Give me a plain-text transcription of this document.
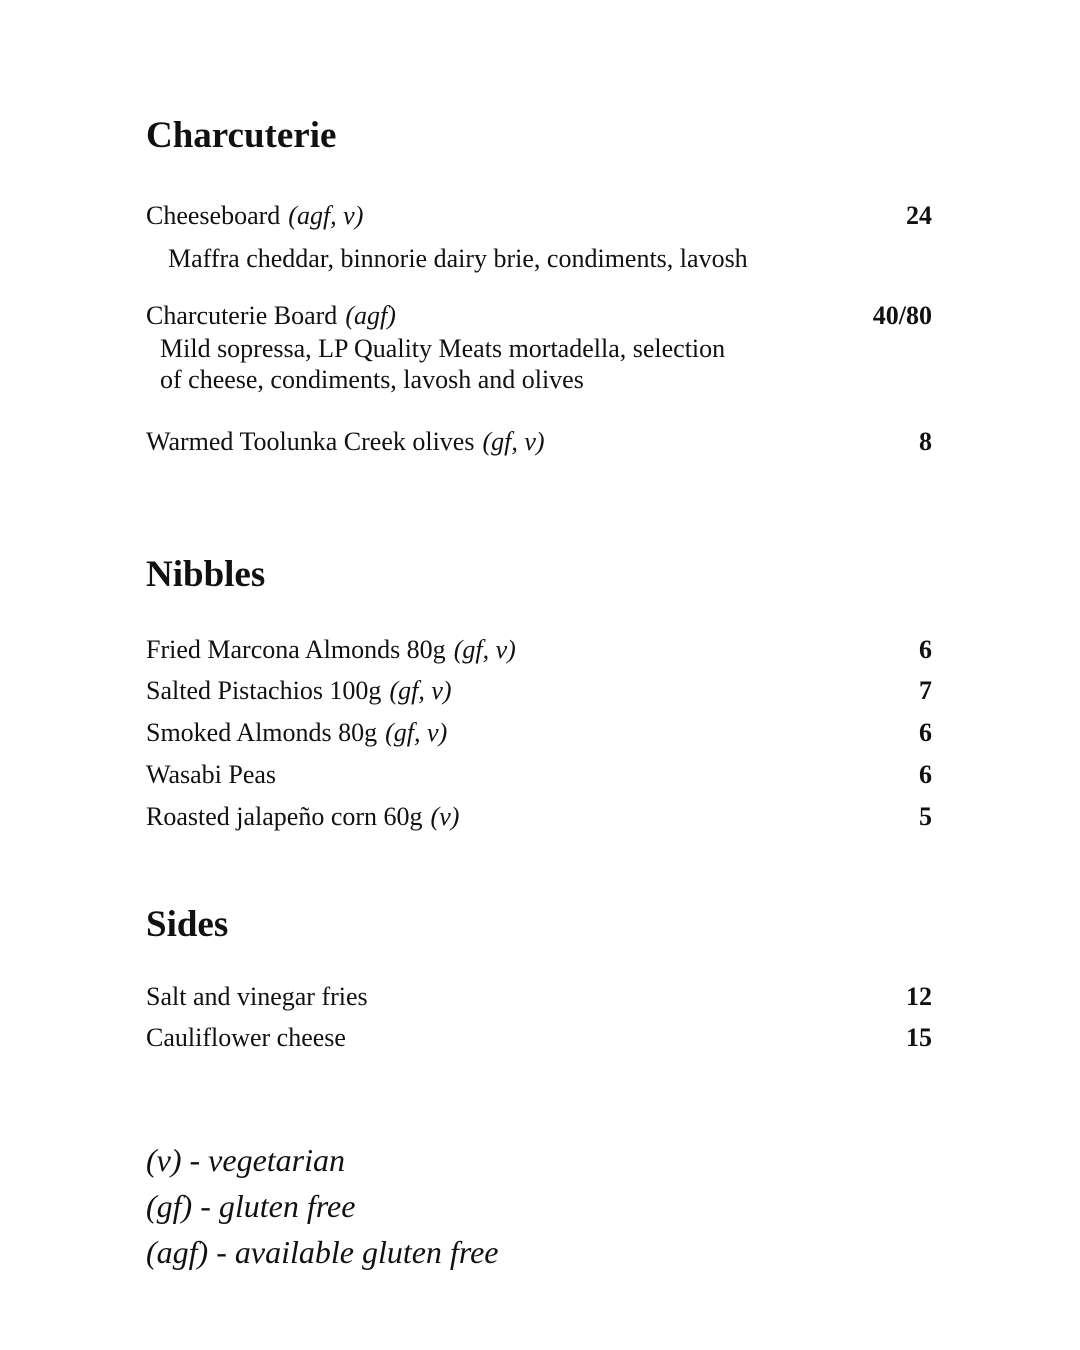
Charcuterie
Cheeseboard (agf, v)	24
Maffra cheddar, binnorie dairy brie, condiments, lavosh
Charcuterie Board (agf)	40/80
Mild sopressa, LP Quality Meats mortadella, selection
of cheese, condiments, lavosh and olives
Warmed Toolunka Creek olives (gf, v)	8
Nibbles
Fried Marcona Almonds 80g (gf, v)	6
Salted Pistachios 100g (gf, v)	7
Smoked Almonds 80g (gf, v)	6
Wasabi Peas	6
Roasted jalapeño corn 60g (v)	5
Sides
Salt and vinegar fries	12
Cauliflower cheese	15
(v) - vegetarian
(gf) - gluten free
(agf) - available gluten free
